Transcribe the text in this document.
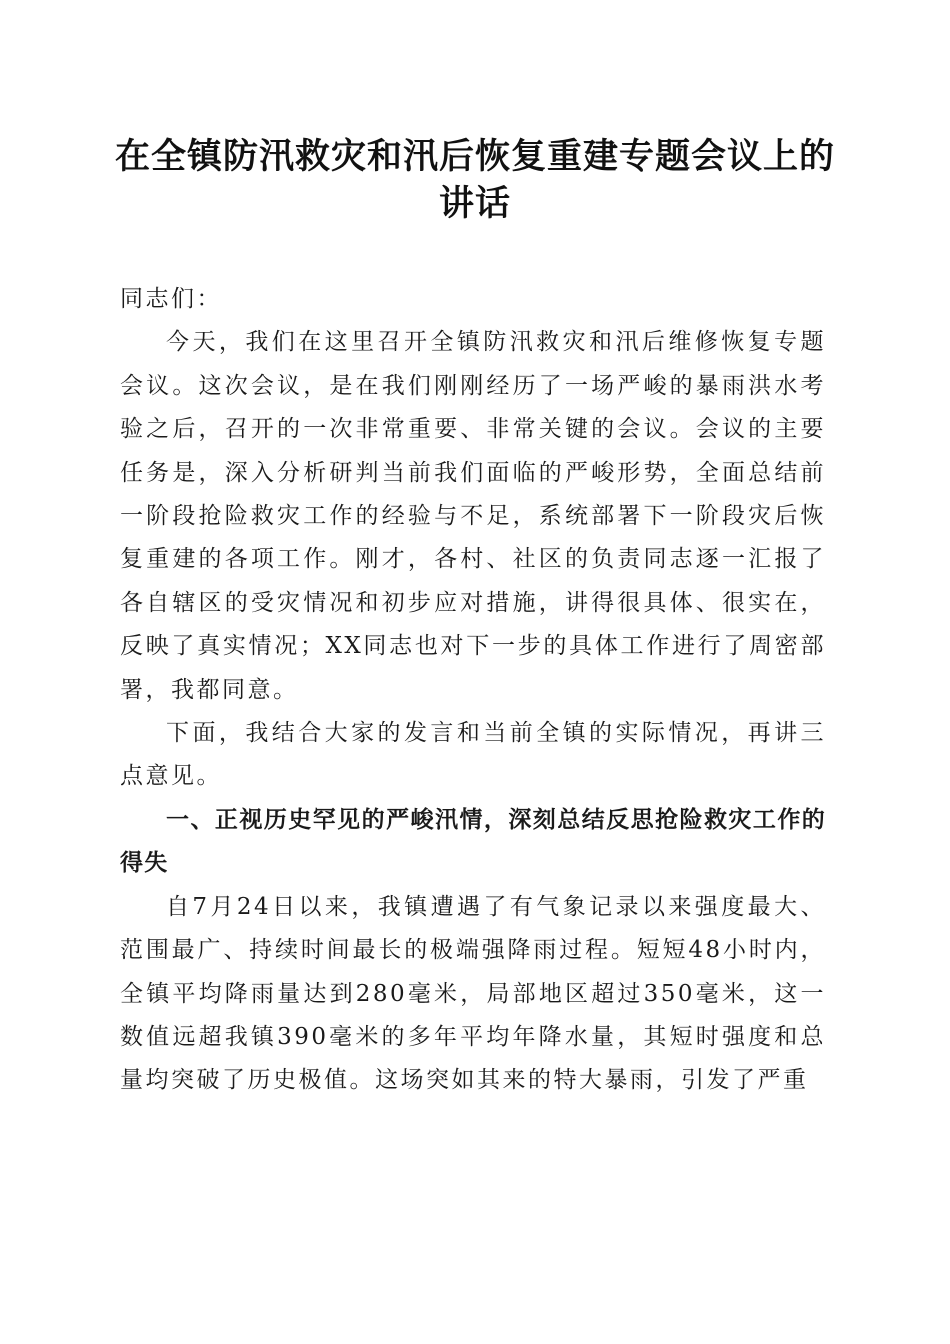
在全镇防汛救灾和汛后恢复重建专题会议上的讲话

同志们：

今天，我们在这里召开全镇防汛救灾和汛后维修恢复专题会议。这次会议，是在我们刚刚经历了一场严峻的暴雨洪水考验之后，召开的一次非常重要、非常关键的会议。会议的主要任务是，深入分析研判当前我们面临的严峻形势，全面总结前一阶段抢险救灾工作的经验与不足，系统部署下一阶段灾后恢复重建的各项工作。刚才，各村、社区的负责同志逐一汇报了各自辖区的受灾情况和初步应对措施，讲得很具体、很实在，反映了真实情况；XX同志也对下一步的具体工作进行了周密部署，我都同意。

下面，我结合大家的发言和当前全镇的实际情况，再讲三点意见。

一、正视历史罕见的严峻汛情，深刻总结反思抢险救灾工作的得失

自7月24日以来，我镇遭遇了有气象记录以来强度最大、范围最广、持续时间最长的极端强降雨过程。短短48小时内，全镇平均降雨量达到280毫米，局部地区超过350毫米，这一数值远超我镇390毫米的多年平均年降水量，其短时强度和总量均突破了历史极值。这场突如其来的特大暴雨，引发了严重
